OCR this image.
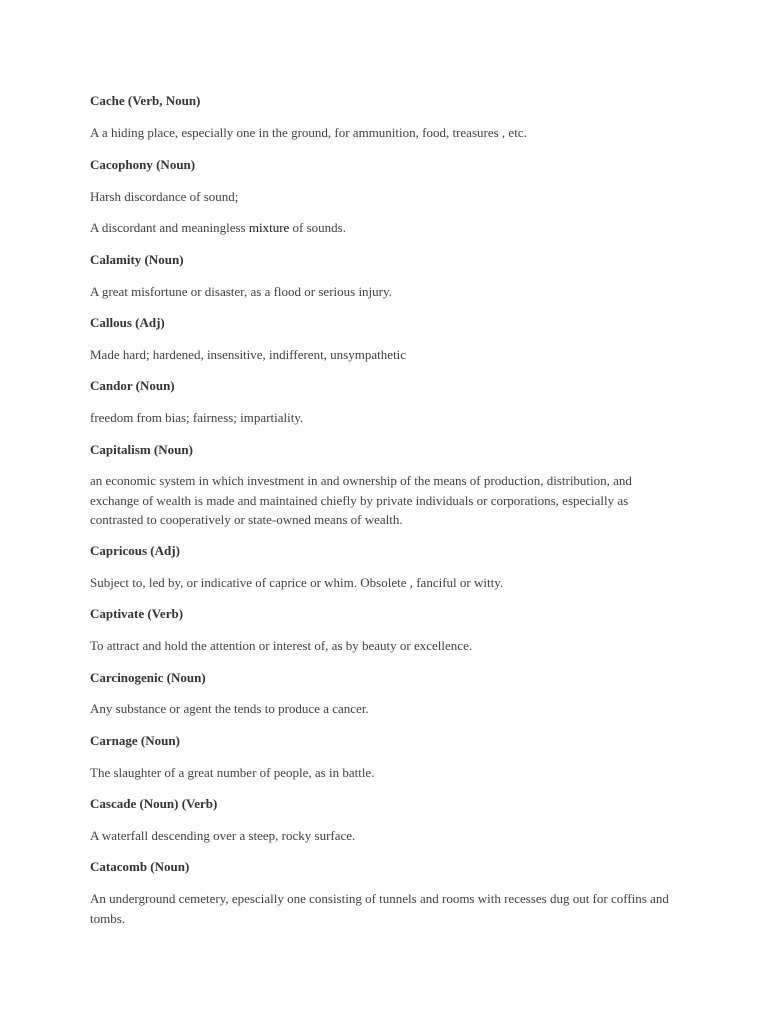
Cache (Verb, Noun)
A a hiding place, especially one in the ground, for ammunition, food, treasures , etc.
Cacophony (Noun)
Harsh discordance of sound;
A discordant and meaningless mixture of sounds.
Calamity (Noun)
A great misfortune or disaster, as a flood or serious injury.
Callous (Adj)
Made hard; hardened, insensitive, indifferent, unsympathetic
Candor (Noun)
freedom from bias; fairness; impartiality.
Capitalism (Noun)
an economic system in which investment in and ownership of the means of production, distribution, and exchange of wealth is made and maintained chiefly by private individuals or corporations, especially as contrasted to cooperatively or state-owned means of wealth.
Capricous (Adj)
Subject to, led by, or indicative of caprice or whim. Obsolete , fanciful or witty.
Captivate (Verb)
To attract and hold the attention or interest of, as by beauty or excellence.
Carcinogenic (Noun)
Any substance or agent the tends to produce a cancer.
Carnage (Noun)
The slaughter of a great number of people, as in battle.
Cascade (Noun) (Verb)
A waterfall descending over a steep, rocky surface.
Catacomb (Noun)
An underground cemetery, epescially one consisting of tunnels and rooms with recesses dug out for coffins and tombs.
